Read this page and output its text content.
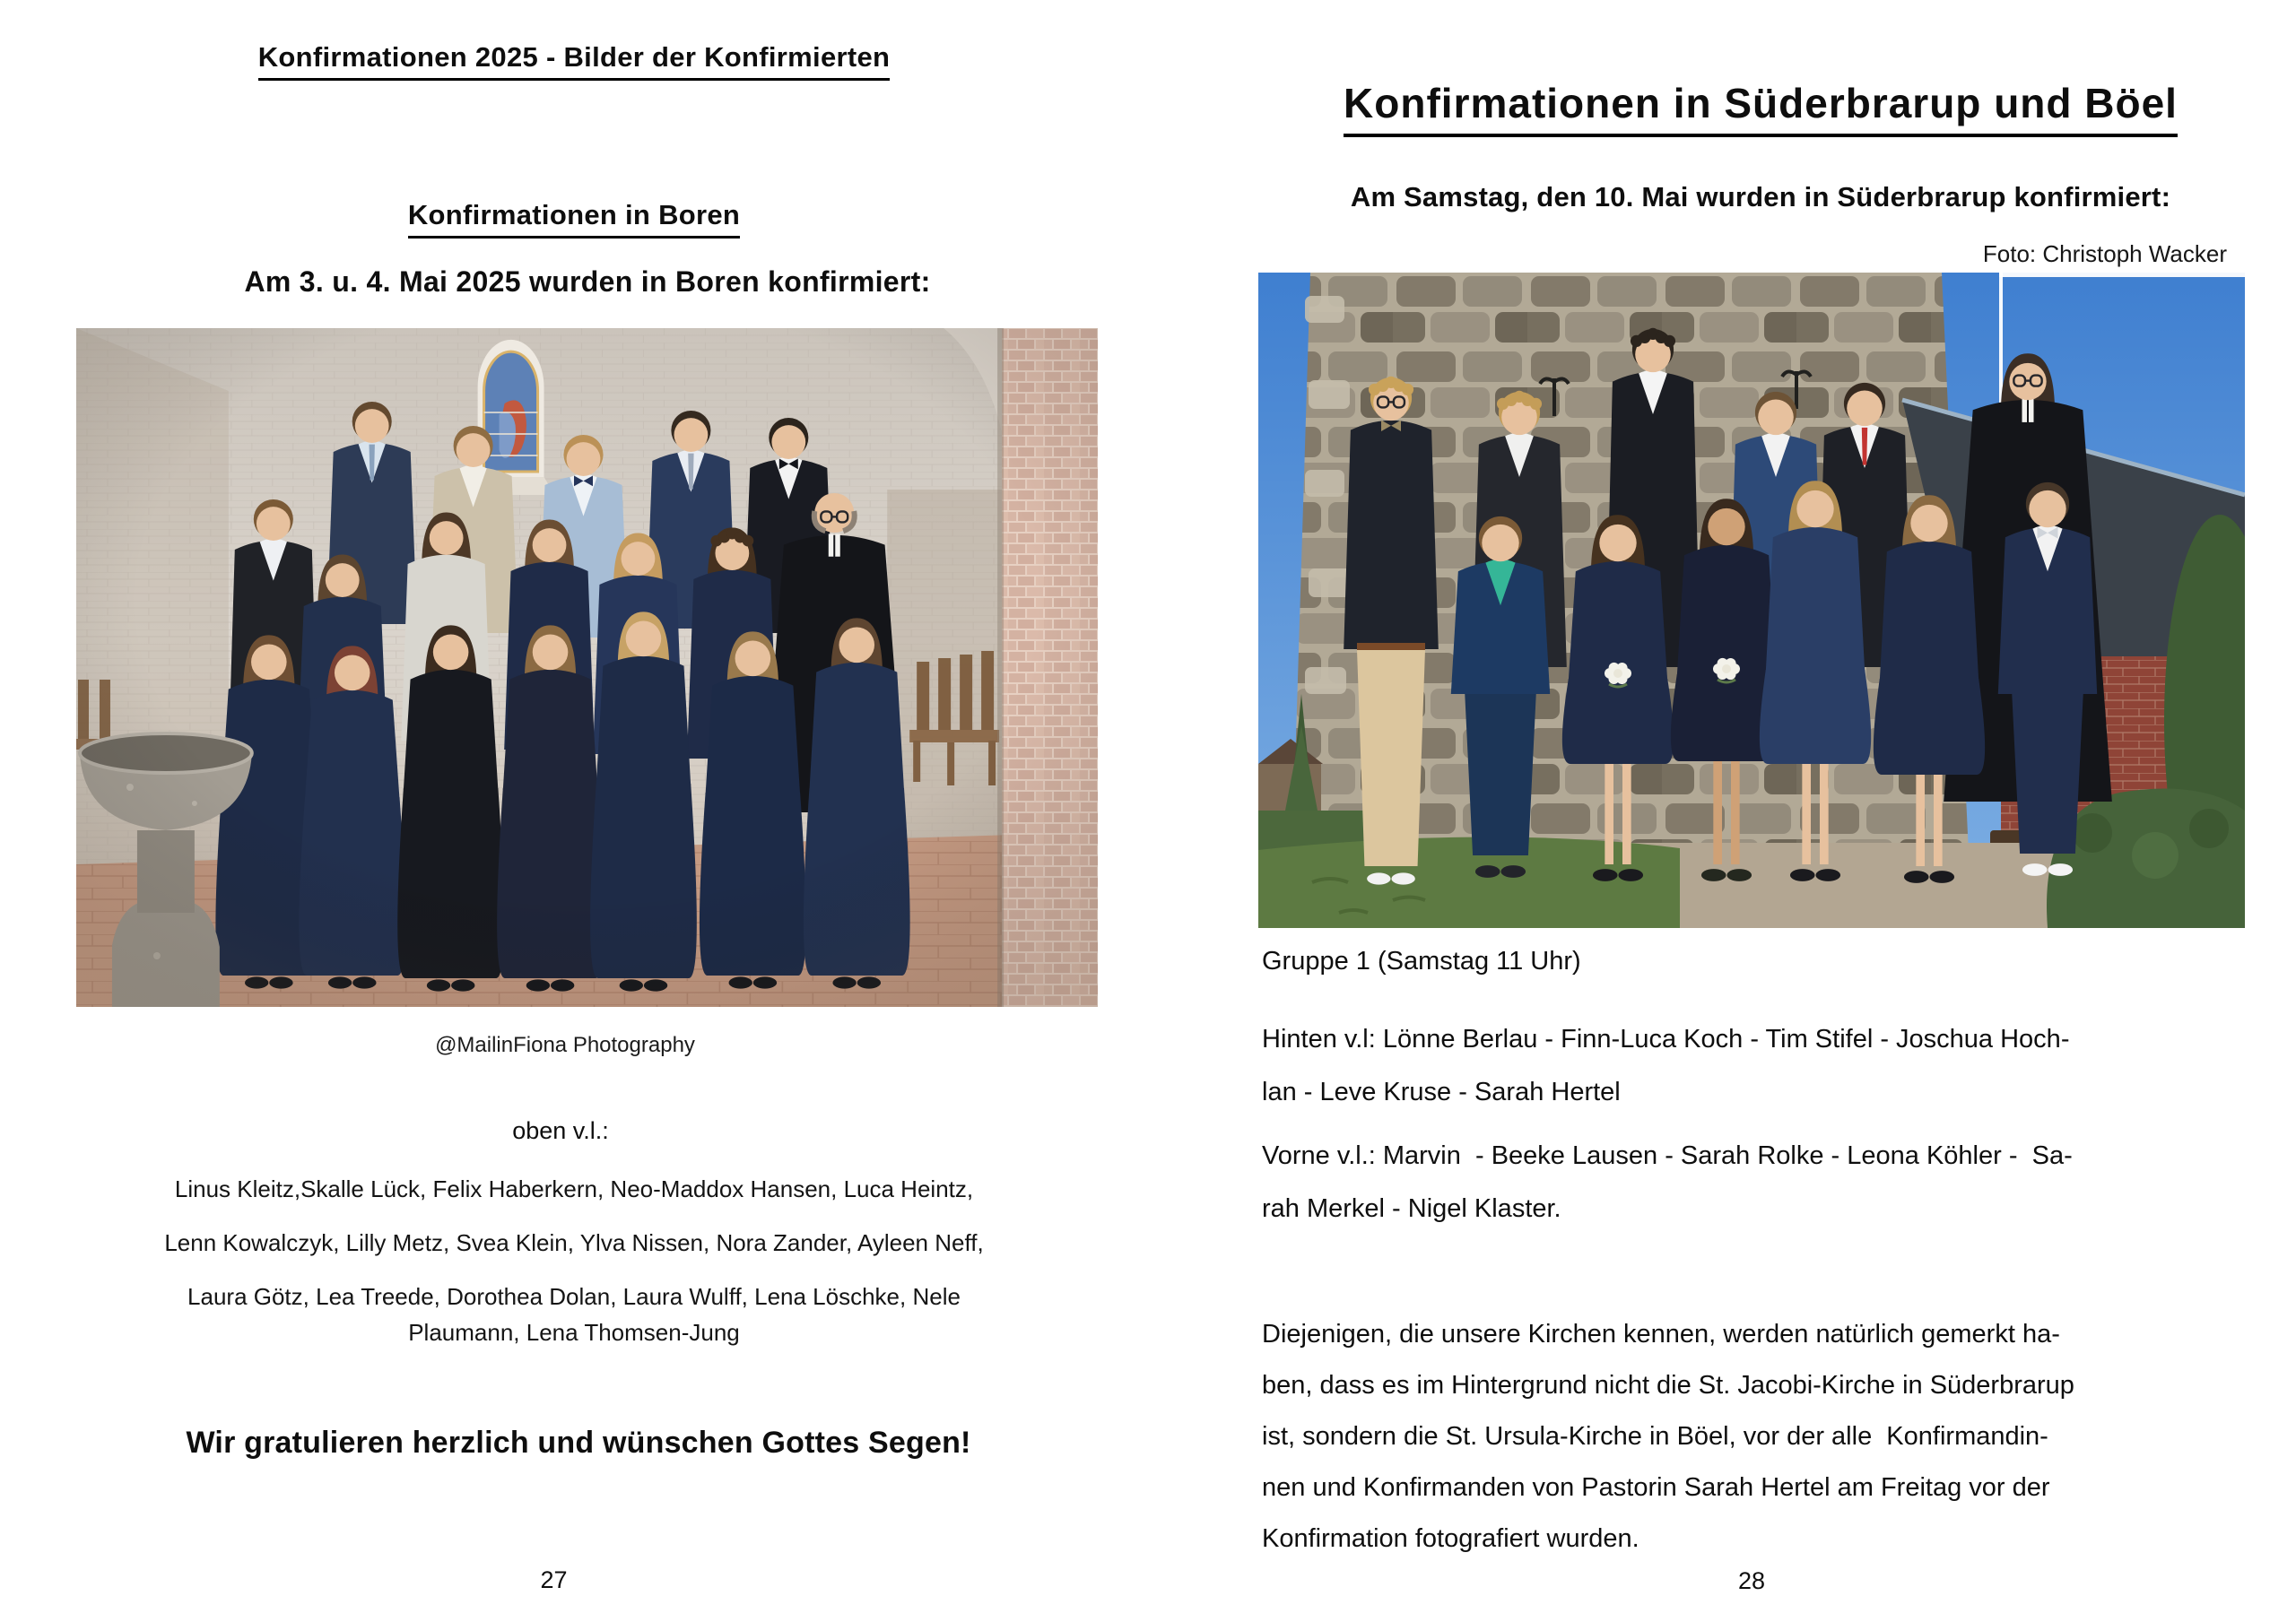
Konfirmationen 2025 - Bilder der Konfirmierten
Konfirmationen in Boren
Am 3. u. 4. Mai 2025 wurden in Boren konfirmiert:
@MailinFiona Photography
oben v.l.:
Linus Kleitz,Skalle Lück, Felix Haberkern, Neo-Maddox Hansen, Luca Heintz,
Lenn Kowalczyk, Lilly Metz, Svea Klein, Ylva Nissen, Nora Zander, Ayleen Neff,
Laura Götz, Lea Treede, Dorothea Dolan, Laura Wulff, Lena Löschke, Nele
Plaumann, Lena Thomsen-Jung
Wir gratulieren herzlich und wünschen Gottes Segen!
27
Konfirmationen in Süderbrarup und Böel
Am Samstag, den 10. Mai wurden in Süderbrarup konfirmiert:
Foto: Christoph Wacker
Gruppe 1 (Samstag 11 Uhr)
Hinten v.l: Lönne Berlau - Finn-Luca Koch - Tim Stifel - Joschua Hoch-
lan - Leve Kruse - Sarah Hertel
Vorne v.l.: Marvin  - Beeke Lausen - Sarah Rolke - Leona Köhler -  Sa-
rah Merkel - Nigel Klaster.
Diejenigen, die unsere Kirchen kennen, werden natürlich gemerkt ha-
ben, dass es im Hintergrund nicht die St. Jacobi-Kirche in Süderbrarup
ist, sondern die St. Ursula-Kirche in Böel, vor der alle  Konfirmandin-
nen und Konfirmanden von Pastorin Sarah Hertel am Freitag vor der
Konfirmation fotografiert wurden.
28
